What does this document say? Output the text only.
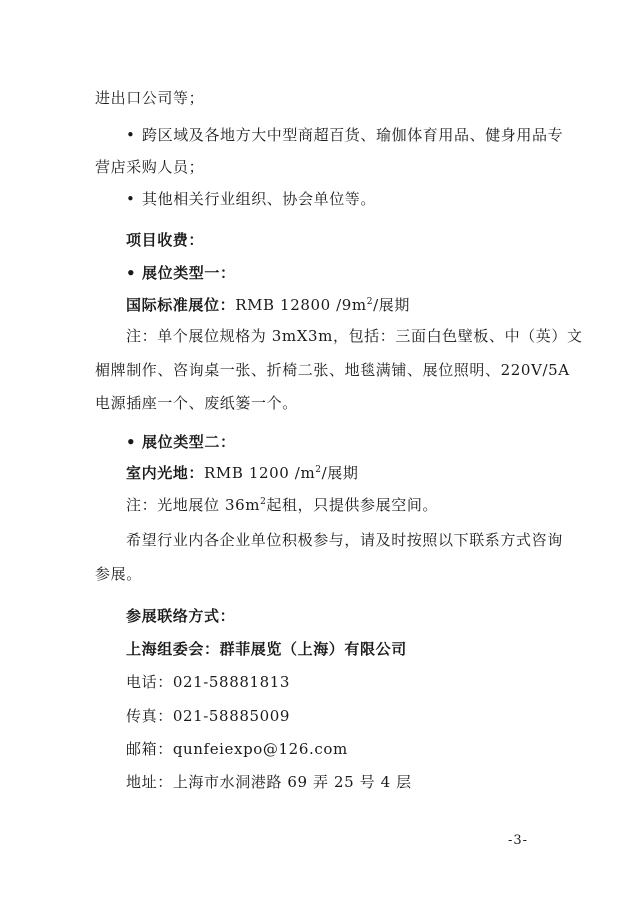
进出口公司等；
• 跨区域及各地方大中型商超百货、瑜伽体育用品、健身用品专
营店采购人员；
• 其他相关行业组织、协会单位等。
项目收费：
• 展位类型一：
国际标准展位：RMB 12800 $/9m^2/$展期
注：单个展位规格为 3mX3m，包括：三面白色壁板、中（英）文
楣牌制作、咨询桌一张、折椅二张、地毯满铺、展位照明、220V/5A
电源插座一个、废纸篓一个。
• 展位类型二：
室内光地：RMB 1200 $/m^2/$展期
注：光地展位 $36m^2$起租，只提供参展空间。
希望行业内各企业单位积极参与，请及时按照以下联系方式咨询
参展。
参展联络方式：
上海组委会：群菲展览（上海）有限公司
电话：021-58881813
传真：021-58885009
邮箱：qunfeiexpo@126.com
地址：上海市水洞港路 69 弄 25 号 4 层
-3-
